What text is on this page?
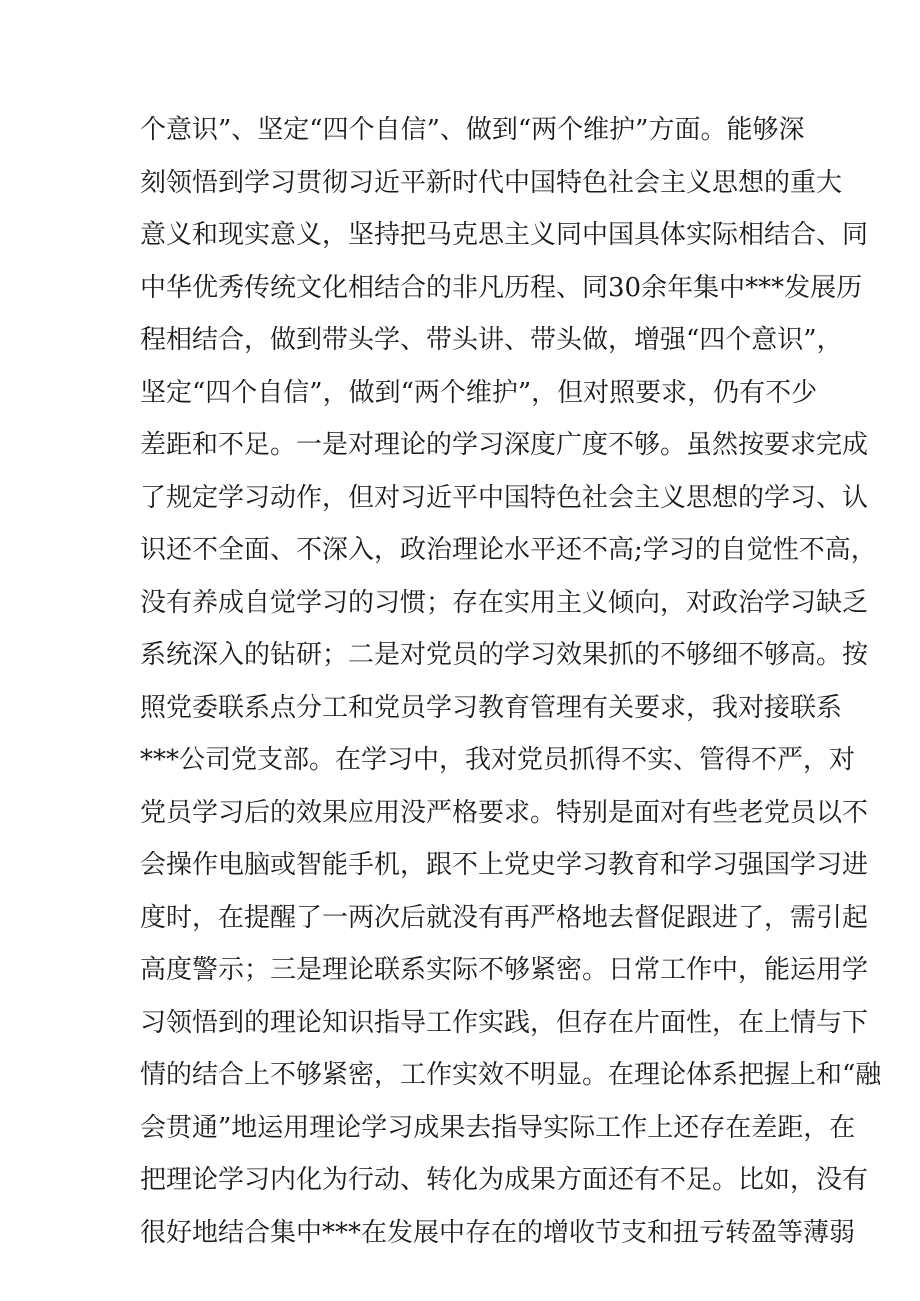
个意识”、坚定“四个自信”、做到“两个维护”方面。能够深
刻领悟到学习贯彻习近平新时代中国特色社会主义思想的重大
意义和现实意义，坚持把马克思主义同中国具体实际相结合、同
中华优秀传统文化相结合的非凡历程、同30余年集中***发展历
程相结合，做到带头学、带头讲、带头做，增强“四个意识”，
坚定“四个自信”，做到“两个维护”，但对照要求，仍有不少
差距和不足。一是对理论的学习深度广度不够。虽然按要求完成
了规定学习动作，但对习近平中国特色社会主义思想的学习、认
识还不全面、不深入，政治理论水平还不高;学习的自觉性不高，
没有养成自觉学习的习惯；存在实用主义倾向，对政治学习缺乏
系统深入的钻研；二是对党员的学习效果抓的不够细不够高。按
照党委联系点分工和党员学习教育管理有关要求，我对接联系
***公司党支部。在学习中，我对党员抓得不实、管得不严，对
党员学习后的效果应用没严格要求。特别是面对有些老党员以不
会操作电脑或智能手机，跟不上党史学习教育和学习强国学习进
度时，在提醒了一两次后就没有再严格地去督促跟进了，需引起
高度警示；三是理论联系实际不够紧密。日常工作中，能运用学
习领悟到的理论知识指导工作实践，但存在片面性，在上情与下
情的结合上不够紧密，工作实效不明显。在理论体系把握上和“融
会贯通”地运用理论学习成果去指导实际工作上还存在差距，在
把理论学习内化为行动、转化为成果方面还有不足。比如，没有
很好地结合集中***在发展中存在的增收节支和扭亏转盈等薄弱
